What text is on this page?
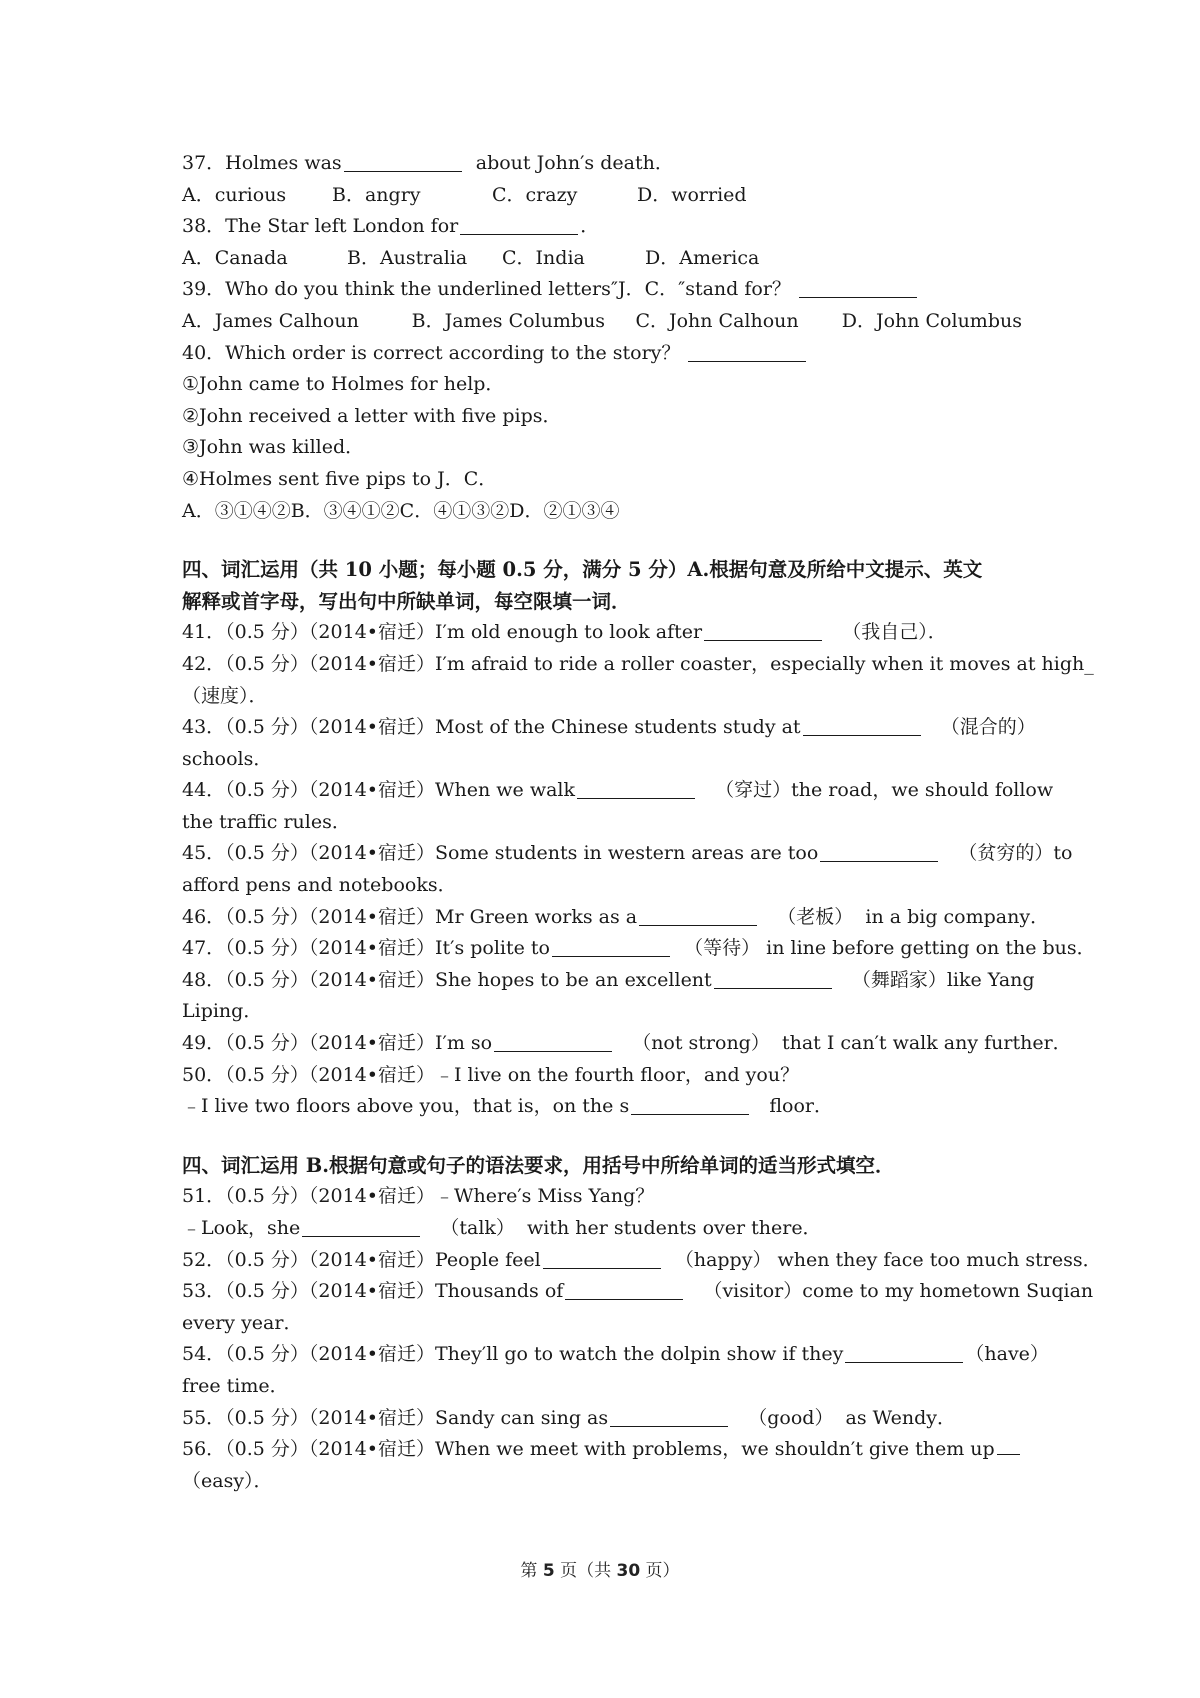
37．Holmes was	about John′s death．
A．curious	B．angry	C．crazy	D．worried
38．The Star left London for	．
A．Canada	B．Australia	C．India	D．America
39．Who do you think the underlined letters″J．C．″stand for？
A．James Calhoun	B．James Columbus	C．John Calhoun	D．John Columbus
40．Which order is correct according to the story？
①John came to Holmes for help．
②John received a letter with five pips．
③John was killed．
④Holmes sent five pips to J．C．
A．③①④②B．③④①②C．④①③②D．②①③④
四、词汇运用（共 10 小题；每小题 0.5 分，满分 5 分）A.根据句意及所给中文提示、英文
解释或首字母，写出句中所缺单词，每空限填一词．
41．（0.5 分）（2014•宿迁）I′m old enough to look after	（我自己）．
42．（0.5 分）（2014•宿迁）I′m afraid to ride a roller coaster，especially when it moves at high_
（速度）．
43．（0.5 分）（2014•宿迁）Most of the Chinese students study at	（混合的）
schools．
44．（0.5 分）（2014•宿迁）When we walk	（穿过） the road，we should follow
the traffic rules．
45．（0.5 分）（2014•宿迁）Some students in western areas are too	（贫穷的） to
afford pens and notebooks．
46．（0.5 分）（2014•宿迁）Mr Green works as a	（老板） in a big company．
47．（0.5 分）（2014•宿迁）It′s polite to	（等待） in line before getting on the bus．
48．（0.5 分）（2014•宿迁）She hopes to be an excellent	（舞蹈家） like Yang
Liping．
49．（0.5 分）（2014•宿迁）I′m so	（not strong） that I can′t walk any further．
50．（0.5 分）（2014•宿迁）﹣I live on the fourth floor，and you？
﹣I live two floors above you，that is，on the s	floor．
四、词汇运用 B.根据句意或句子的语法要求，用括号中所给单词的适当形式填空．
51．（0.5 分）（2014•宿迁）﹣Where′s Miss Yang？
﹣Look，she	（talk） with her students over there．
52．（0.5 分）（2014•宿迁）People feel	（happy） when they face too much stress．
53．（0.5 分）（2014•宿迁）Thousands of	（visitor） come to my hometown Suqian
every year．
54．（0.5 分）（2014•宿迁）They′ll go to watch the dolpin show if they	（have）
free time．
55．（0.5 分）（2014•宿迁）Sandy can sing as	（good） as Wendy．
56．（0.5 分）（2014•宿迁）When we meet with problems，we shouldn′t give them up
（easy）．
第 5 页（共 30 页）
